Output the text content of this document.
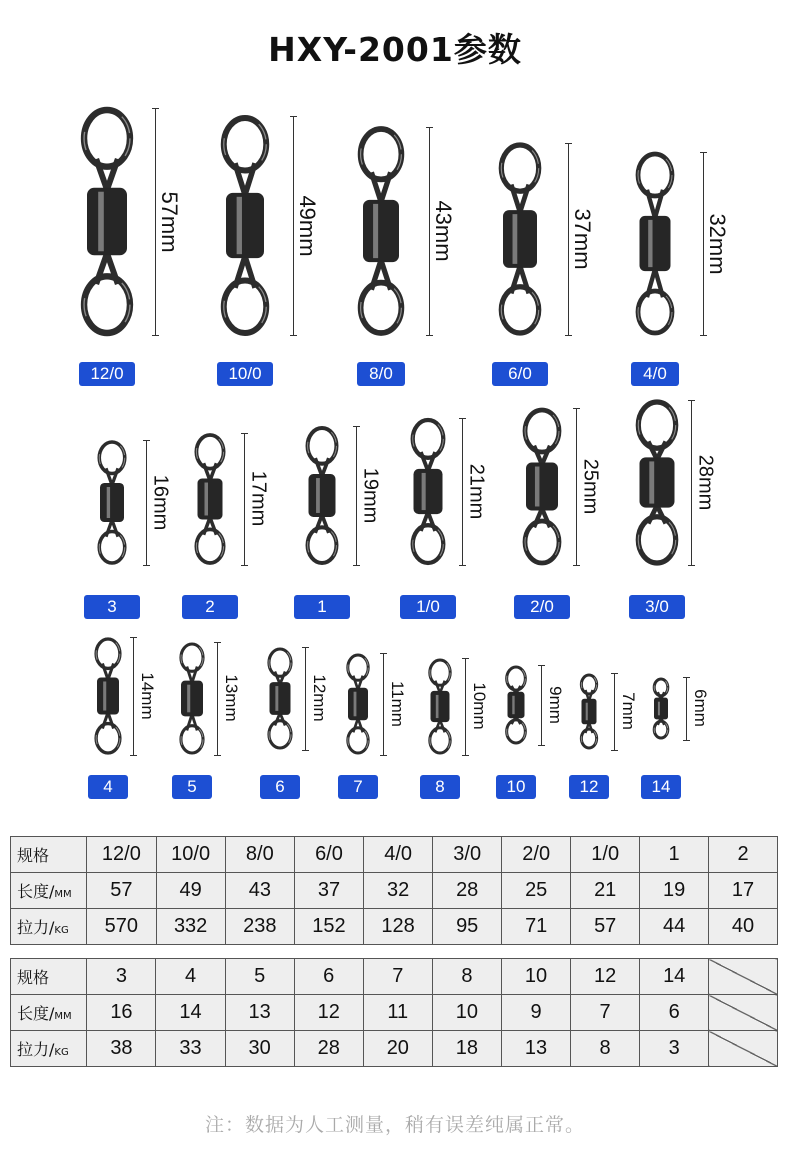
HXY-2001参数
57mm
12/0
49mm
10/0
43mm
8/0
37mm
6/0
32mm
4/0
16mm
3
17mm
2
19mm
1
21mm
1/0
25mm
2/0
28mm
3/0
14mm
4
13mm
5
12mm
6
11mm
7
10mm
8
9mm
10
7mm
12
6mm
14
规格	12/0	10/0	8/0	6/0	4/0	3/0	2/0	1/0	1	2
长度/MM	57	49	43	37	32	28	25	21	19	17
拉力/KG	570	332	238	152	128	95	71	57	44	40
规格	3	4	5	6	7	8	10	12	14	
长度/MM	16	14	13	12	11	10	9	7	6	
拉力/KG	38	33	30	28	20	18	13	8	3	
注：数据为人工测量，稍有误差纯属正常。
